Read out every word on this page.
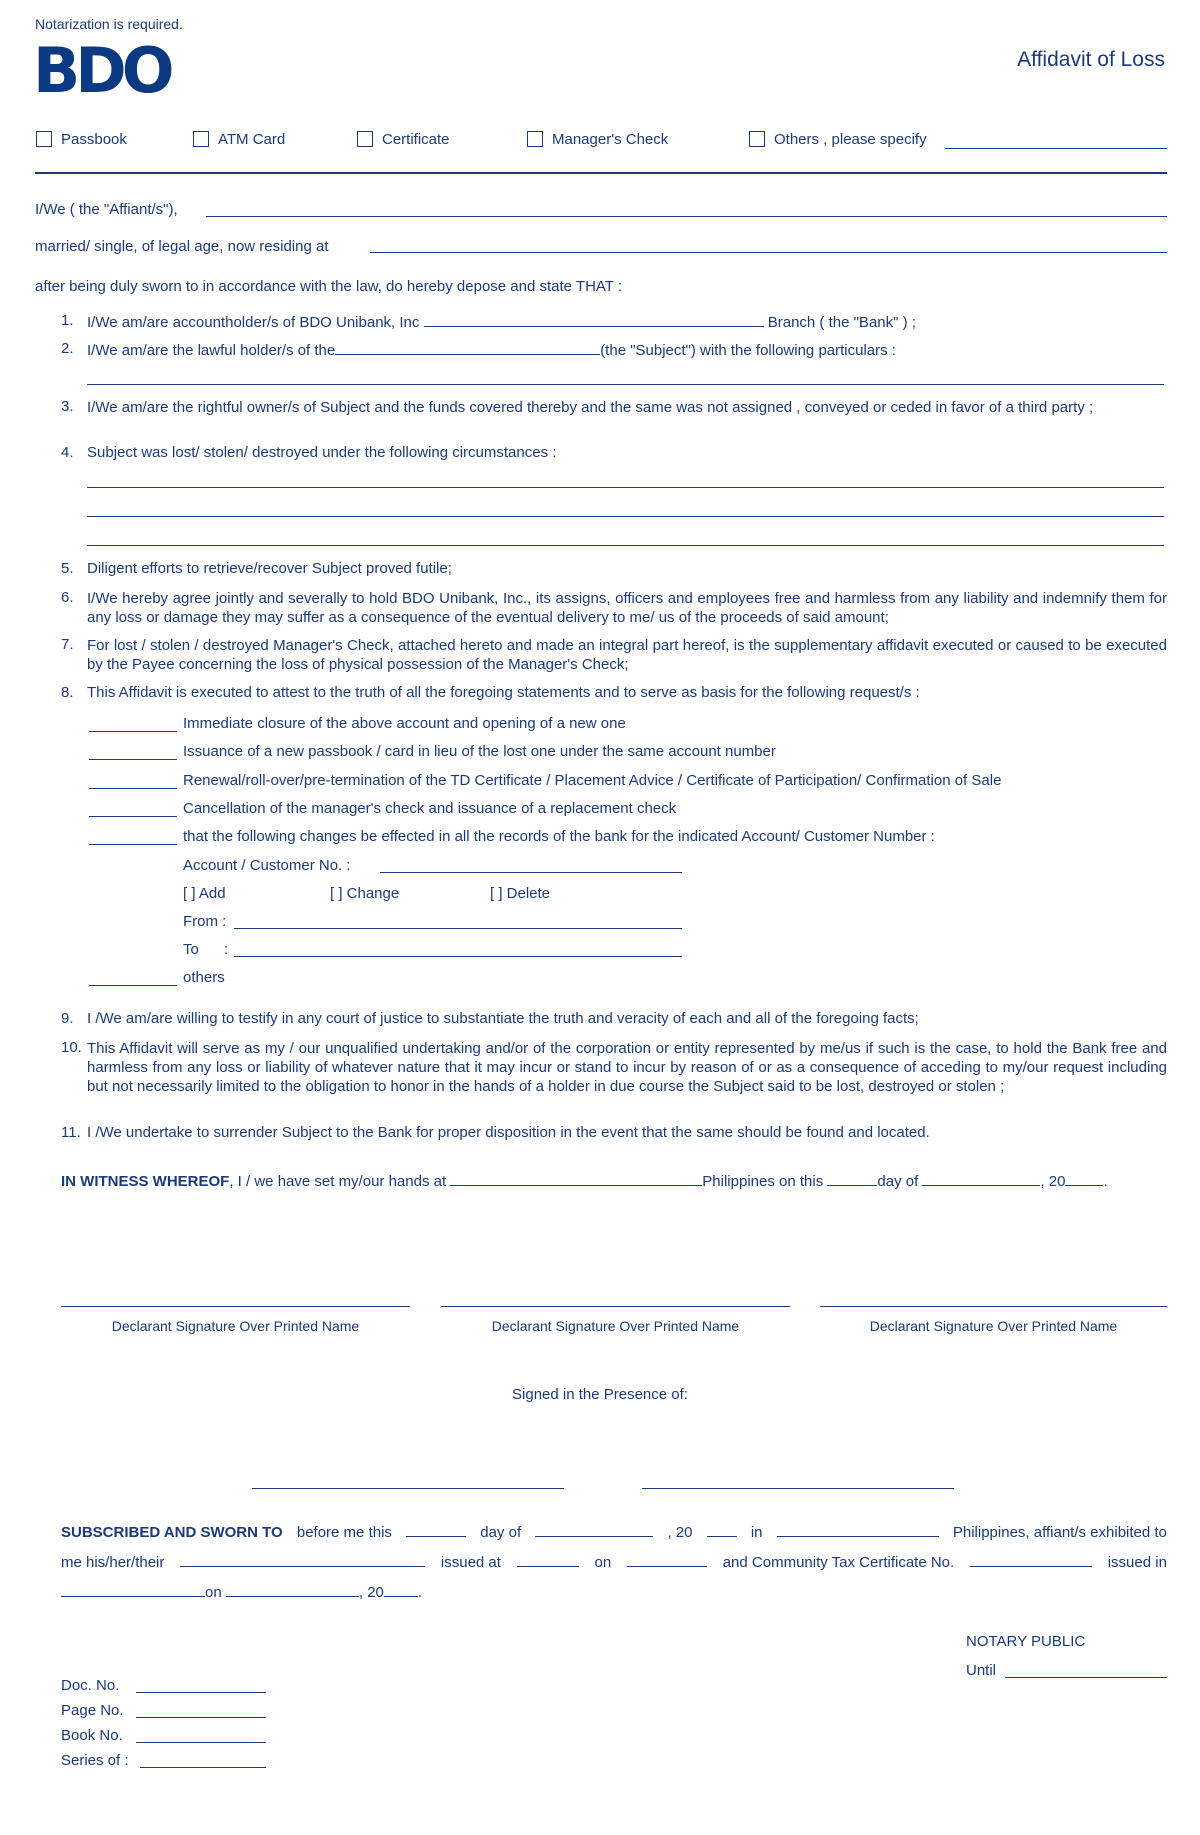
Notarization is required.
BDO	Affidavit of Loss
Passbook	ATM Card	Certificate	Manager's Check	Others , please specify
I/We ( the "Affiant/s"),
married/ single, of legal age, now residing at
after being duly sworn to in accordance with the law, do hereby depose and state THAT :
1. I/We am/are accountholder/s of BDO Unibank, Inc	Branch ( the "Bank" ) ;
2. I/We am/are the lawful holder/s of the	(the "Subject") with the following particulars :
3. I/We am/are the rightful owner/s of Subject and the funds covered thereby and the same was not assigned , conveyed or ceded in favor of a third party ;
4. Subject was lost/ stolen/ destroyed under the following circumstances :
5. Diligent efforts to retrieve/recover Subject proved futile;
6. I/We hereby agree jointly and severally to hold BDO Unibank, Inc., its assigns, officers and employees free and harmless from any liability and indemnify them for any loss or damage they may suffer as a consequence of the eventual delivery to me/ us of the proceeds of said amount;
7. For lost / stolen / destroyed Manager's Check, attached hereto and made an integral part hereof, is the supplementary affidavit executed or caused to be executed by the Payee concerning the loss of physical possession of the Manager's Check;
8. This Affidavit is executed to attest to the truth of all the foregoing statements and to serve as basis for the following request/s :
Immediate closure of the above account and opening of a new one
Issuance of a new passbook / card in lieu of the lost one under the same account number
Renewal/roll-over/pre-termination of the TD Certificate / Placement Advice / Certificate of Participation/ Confirmation of Sale
Cancellation of the manager's check and issuance of a replacement check
that the following changes be effected in all the records of the bank for the indicated Account/ Customer Number :
Account / Customer No. :
[ ] Add	[ ] Change	[ ] Delete
From :
To :
others
9. I /We am/are willing to testify in any court of justice to substantiate the truth and veracity of each and all of the foregoing facts;
10. This Affidavit will serve as my / our unqualified undertaking and/or of the corporation or entity represented by me/us if such is the case, to hold the Bank free and harmless from any loss or liability of whatever nature that it may incur or stand to incur by reason of or as a consequence of acceding to my/our request including but not necessarily limited to the obligation to honor in the hands of a holder in due course the Subject said to be lost, destroyed or stolen ;
11. I /We undertake to surrender Subject to the Bank for proper disposition in the event that the same should be found and located.
IN WITNESS WHEREOF, I / we have set my/our hands at	Philippines on this	day of	, 20	.
Declarant Signature Over Printed Name	Declarant Signature Over Printed Name	Declarant Signature Over Printed Name
Signed in the Presence of:
SUBSCRIBED AND SWORN TO before me this	day of	, 20	in	Philippines, affiant/s exhibited to
me his/her/their	issued at	on	and Community Tax Certificate No.	issued in
on	, 20 .
NOTARY PUBLIC
Until
Doc. No.
Page No.
Book No.
Series of :
